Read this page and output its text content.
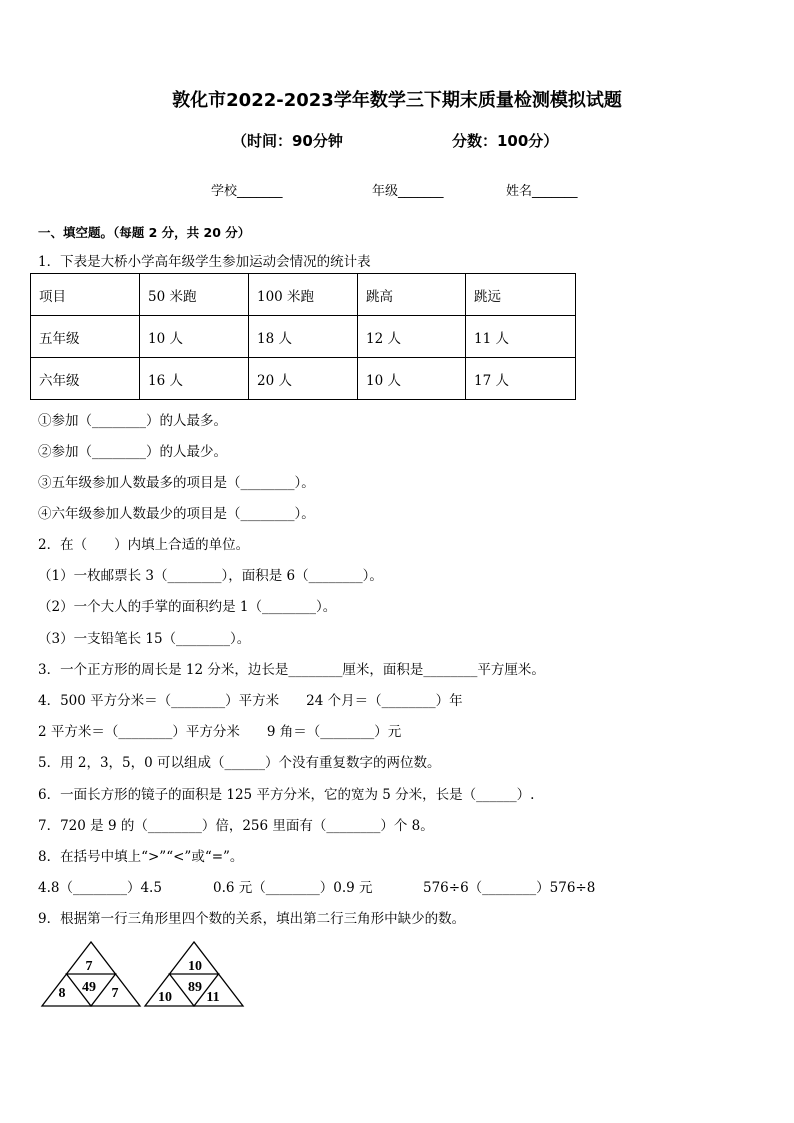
敦化市2022-2023学年数学三下期末质量检测模拟试题
（时间：90分钟	分数：100分）
学校_______	年级_______	姓名_______
一、填空题。（每题 2 分，共 20 分）
1．下表是大桥小学高年级学生参加运动会情况的统计表
项目	50 米跑	100 米跑	跳高	跳远
五年级	10 人	18 人	12 人	11 人
六年级	16 人	20 人	10 人	17 人
①参加（________）的人最多。
②参加（________）的人最少。
③五年级参加人数最多的项目是（________）。
④六年级参加人数最少的项目是（________）。
2．在（　　）内填上合适的单位。
（1）一枚邮票长 3（________），面积是 6（________）。
（2）一个大人的手掌的面积约是 1（________）。
（3）一支铅笔长 15（________）。
3．一个正方形的周长是 12 分米，边长是________厘米，面积是________平方厘米。
4．500 平方分米＝（________）平方米　　24 个月＝（________）年
2 平方米＝（________）平方分米　　9 角＝（________）元
5．用 2，3，5，0 可以组成（______）个没有重复数字的两位数。
6．一面长方形的镜子的面积是 125 平方分米，它的宽为 5 分米，长是（______）.
7．720 是 9 的（________）倍，256 里面有（________）个 8。
8．在括号中填上“>”“<”或“=”。
4.8（________）4.5	0.6 元（________）0.9 元	576÷6（________）576÷8
9．根据第一行三角形里四个数的关系，填出第二行三角形中缺少的数。
7
49
8	7
10
89
10 11
